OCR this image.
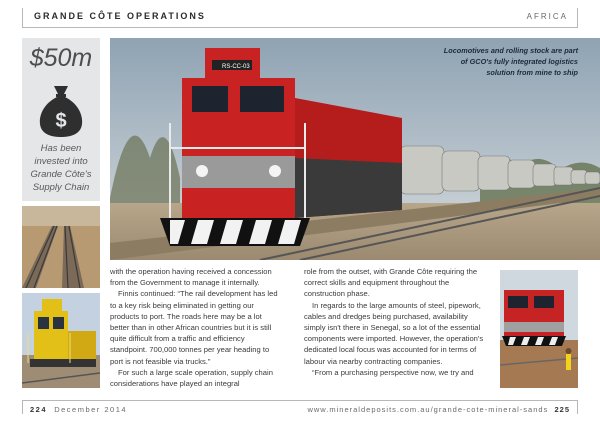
GRANDE CÔTE OPERATIONS	AFRICA
$50m
$
Has been invested into Grande Côte's Supply Chain
RS-CC-03
Locomotives and rolling stock are part of GCO's fully integrated logistics solution from mine to ship

with the operation having received a concession from the Government to manage it internally.

Finnis continued: “The rail development has led to a key risk being eliminated in getting our products to port. The roads here may be a lot better than in other African countries but it is still quite difficult from a traffic and efficiency standpoint. 700,000 tonnes per year heading to port is not feasible via trucks.”

For such a large scale operation, supply chain considerations have played an integral

role from the outset, with Grande Côte requiring the correct skills and equipment throughout the construction phase.

In regards to the large amounts of steel, pipework, cables and dredges being purchased, availability simply isn't there in Senegal, so a lot of the essential components were imported. However, the operation's dedicated local focus was accounted for in terms of labour via nearby contracting companies.

“From a purchasing perspective now, we try and

224 December 2014	www.mineraldeposits.com.au/grande-cote-mineral-sands 225
